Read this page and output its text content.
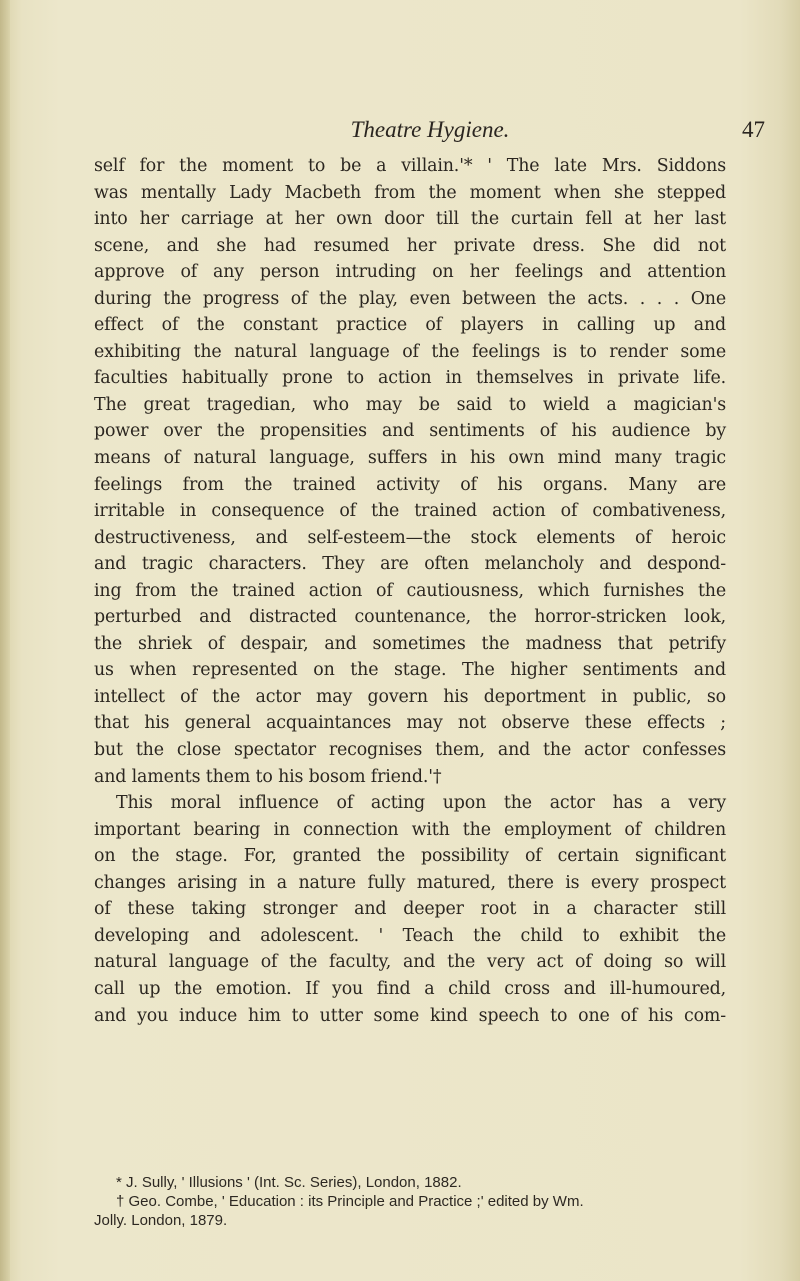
Theatre Hygiene.	47
self for the moment to be a villain.'* ' The late Mrs. Siddons
was mentally Lady Macbeth from the moment when she stepped
into her carriage at her own door till the curtain fell at her last
scene, and she had resumed her private dress. She did not
approve of any person intruding on her feelings and attention
during the progress of the play, even between the acts. . . . One
effect of the constant practice of players in calling up and
exhibiting the natural language of the feelings is to render some
faculties habitually prone to action in themselves in private life.
The great tragedian, who may be said to wield a magician's
power over the propensities and sentiments of his audience by
means of natural language, suffers in his own mind many tragic
feelings from the trained activity of his organs. Many are
irritable in consequence of the trained action of combativeness,
destructiveness, and self-esteem—the stock elements of heroic
and tragic characters. They are often melancholy and despond-
ing from the trained action of cautiousness, which furnishes the
perturbed and distracted countenance, the horror-stricken look,
the shriek of despair, and sometimes the madness that petrify
us when represented on the stage. The higher sentiments and
intellect of the actor may govern his deportment in public, so
that his general acquaintances may not observe these effects ;
but the close spectator recognises them, and the actor confesses
and laments them to his bosom friend.'†
This moral influence of acting upon the actor has a very
important bearing in connection with the employment of children
on the stage. For, granted the possibility of certain significant
changes arising in a nature fully matured, there is every prospect
of these taking stronger and deeper root in a character still
developing and adolescent. ' Teach the child to exhibit the
natural language of the faculty, and the very act of doing so will
call up the emotion. If you find a child cross and ill-humoured,
and you induce him to utter some kind speech to one of his com-
* J. Sully, ' Illusions ' (Int. Sc. Series), London, 1882.
† Geo. Combe, ' Education : its Principle and Practice ;' edited by Wm.
Jolly. London, 1879.
